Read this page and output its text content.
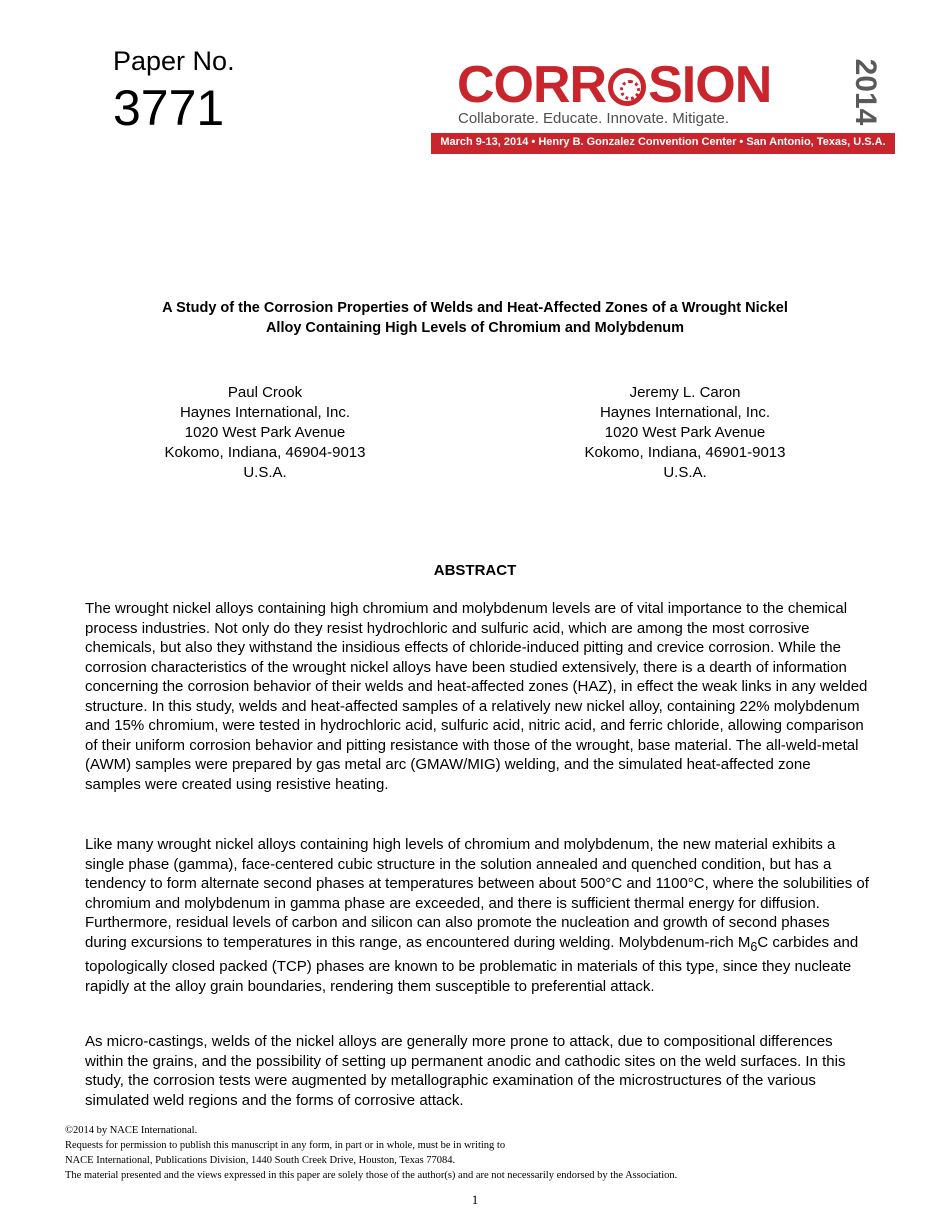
Paper No.
3771	CORR SION	2014
Collaborate. Educate. Innovate. Mitigate.
March 9-13, 2014 • Henry B. Gonzalez Convention Center • San Antonio, Texas, U.S.A.
A Study of the Corrosion Properties of Welds and Heat-Affected Zones of a Wrought Nickel
Alloy Containing High Levels of Chromium and Molybdenum
Paul Crook
Haynes International, Inc.
1020 West Park Avenue
Kokomo, Indiana, 46904-9013
U.S.A.
Jeremy L. Caron
Haynes International, Inc.
1020 West Park Avenue
Kokomo, Indiana, 46901-9013
U.S.A.
ABSTRACT

The wrought nickel alloys containing high chromium and molybdenum levels are of vital importance to the chemical process industries. Not only do they resist hydrochloric and sulfuric acid, which are among the most corrosive chemicals, but also they withstand the insidious effects of chloride-induced pitting and crevice corrosion. While the corrosion characteristics of the wrought nickel alloys have been studied extensively, there is a dearth of information concerning the corrosion behavior of their welds and heat-affected zones (HAZ), in effect the weak links in any welded structure. In this study, welds and heat-affected samples of a relatively new nickel alloy, containing 22% molybdenum and 15% chromium, were tested in hydrochloric acid, sulfuric acid, nitric acid, and ferric chloride, allowing comparison of their uniform corrosion behavior and pitting resistance with those of the wrought, base material. The all-weld-metal (AWM) samples were prepared by gas metal arc (GMAW/MIG) welding, and the simulated heat-affected zone samples were created using resistive heating.

Like many wrought nickel alloys containing high levels of chromium and molybdenum, the new material exhibits a single phase (gamma), face-centered cubic structure in the solution annealed and quenched condition, but has a tendency to form alternate second phases at temperatures between about 500°C and 1100°C, where the solubilities of chromium and molybdenum in gamma phase are exceeded, and there is sufficient thermal energy for diffusion. Furthermore, residual levels of carbon and silicon can also promote the nucleation and growth of second phases during excursions to temperatures in this range, as encountered during welding. Molybdenum-rich $M_6C$ carbides and topologically closed packed (TCP) phases are known to be problematic in materials of this type, since they nucleate rapidly at the alloy grain boundaries, rendering them susceptible to preferential attack.

As micro-castings, welds of the nickel alloys are generally more prone to attack, due to compositional differences within the grains, and the possibility of setting up permanent anodic and cathodic sites on the weld surfaces. In this study, the corrosion tests were augmented by metallographic examination of the microstructures of the various simulated weld regions and the forms of corrosive attack.

©2014 by NACE International.
Requests for permission to publish this manuscript in any form, in part or in whole, must be in writing to
NACE International, Publications Division, 1440 South Creek Drive, Houston, Texas 77084.
The material presented and the views expressed in this paper are solely those of the author(s) and are not necessarily endorsed by the Association.
1
